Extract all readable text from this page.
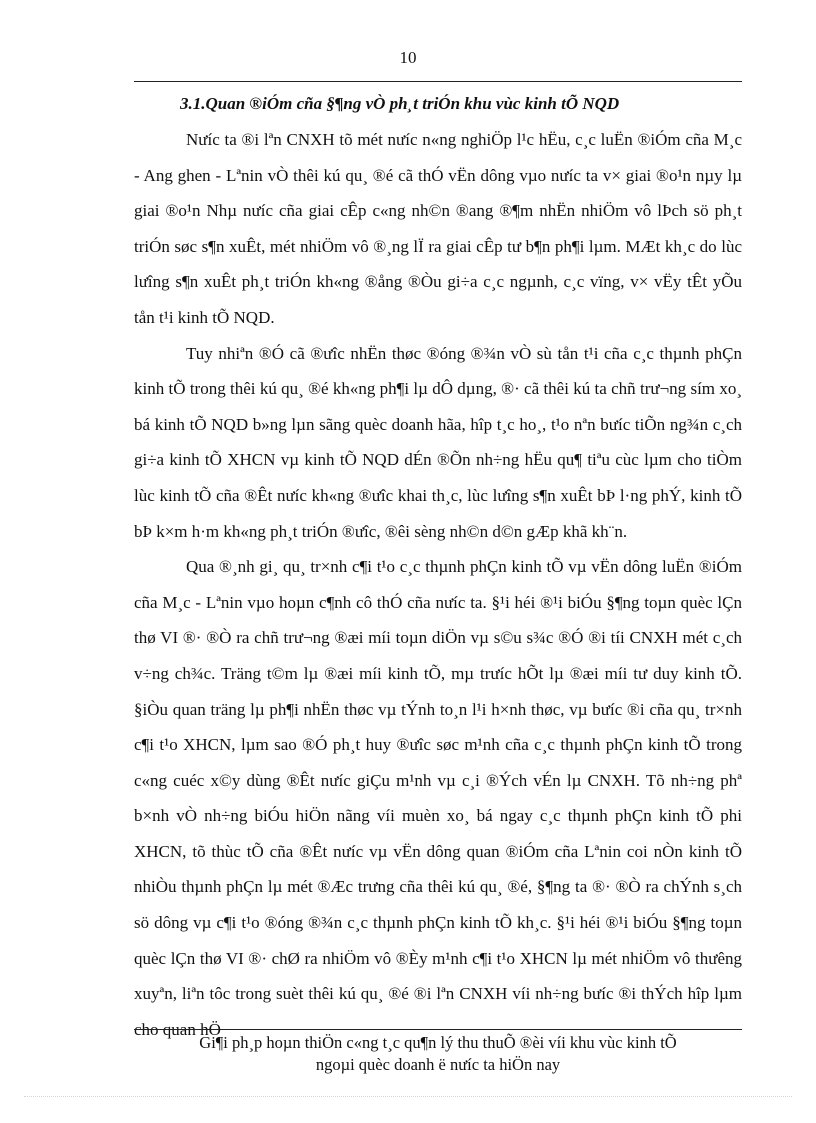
10
3.1.Quan ®iÓm cña §¶ng vÒ ph¸t triÓn khu vùc kinh tÕ NQD

Nưíc ta ®i lªn CNXH tõ mét nưíc n«ng nghiÖp l¹c hËu, c¸c luËn ®iÓm cña M¸c - Ang ghen - Lªnin vÒ thêi kú qu¸ ®é cã thÓ vËn dông vµo nưíc ta v× giai ®o¹n nµy lµ giai ®o¹n Nhµ nưíc cña giai cÊp c«ng nh©n ®ang ®¶m nhËn nhiÖm vô lÞch sö ph¸t triÓn søc s¶n xuÊt, mét nhiÖm vô ®¸ng lÏ ra giai cÊp tư b¶n ph¶i lµm. MÆt kh¸c do lùc lưîng s¶n xuÊt ph¸t triÓn kh«ng ®ång ®Òu gi÷a c¸c ngµnh, c¸c vïng, v× vËy tÊt yÕu tån t¹i kinh tÕ NQD.

Tuy nhiªn ®Ó cã ®ưîc nhËn thøc ®óng ®¾n vÒ sù tån t¹i cña c¸c thµnh phÇn kinh tÕ trong thêi kú qu¸ ®é kh«ng ph¶i lµ dÔ dµng, ®· cã thêi kú ta chñ trư¬ng sím xo¸ bá kinh tÕ NQD b»ng lµn sãng quèc doanh hãa, hîp t¸c ho¸, t¹o nªn bưíc tiÕn ng¾n c¸ch gi÷a kinh tÕ XHCN vµ kinh tÕ NQD dÉn ®Õn nh÷ng hËu qu¶ tiªu cùc lµm cho tiÒm lùc kinh tÕ cña ®Êt nưíc kh«ng ®ưîc khai th¸c, lùc lưîng s¶n xuÊt bÞ l·ng phÝ, kinh tÕ bÞ k×m h·m kh«ng ph¸t triÓn ®ưîc, ®êi sèng nh©n d©n gÆp khã kh¨n.

Qua ®¸nh gi¸ qu¸ tr×nh c¶i t¹o c¸c thµnh phÇn kinh tÕ vµ vËn dông luËn ®iÓm cña M¸c - Lªnin vµo hoµn c¶nh cô thÓ cña nưíc ta. §¹i héi ®¹i biÓu §¶ng toµn quèc lÇn thø VI ®· ®Ò ra chñ trư¬ng ®æi míi toµn diÖn vµ s©u s¾c ®Ó ®i tíi CNXH mét c¸ch v÷ng ch¾c. Träng t©m lµ ®æi míi kinh tÕ, mµ trưíc hÕt lµ ®æi míi tư duy kinh tÕ. §iÒu quan träng lµ ph¶i nhËn thøc vµ tÝnh to¸n l¹i h×nh thøc, vµ bưíc ®i cña qu¸ tr×nh c¶i t¹o XHCN, lµm sao ®Ó ph¸t huy ®ưîc søc m¹nh cña c¸c thµnh phÇn kinh tÕ trong c«ng cuéc x©y dùng ®Êt nưíc giÇu m¹nh vµ c¸i ®Ých vÉn lµ CNXH. Tõ nh÷ng phª b×nh vÒ nh÷ng biÓu hiÖn nãng víi muèn xo¸ bá ngay c¸c thµnh phÇn kinh tÕ phi XHCN, tõ thùc tÕ cña ®Êt nưíc vµ vËn dông quan ®iÓm cña Lªnin coi nÒn kinh tÕ nhiÒu thµnh phÇn lµ mét ®Æc trưng cña thêi kú qu¸ ®é, §¶ng ta ®· ®Ò ra chÝnh s¸ch sö dông vµ c¶i t¹o ®óng ®¾n c¸c thµnh phÇn kinh tÕ kh¸c. §¹i héi ®¹i biÓu §¶ng toµn quèc lÇn thø VI ®· chØ ra nhiÖm vô ®Èy m¹nh c¶i t¹o XHCN lµ mét nhiÖm vô thưêng xuyªn, liªn tôc trong suèt thêi kú qu¸ ®é ®i lªn CNXH víi nh÷ng bưíc ®i thÝch hîp lµm cho quan hÖ

Gi¶i ph¸p hoµn thiÖn c«ng t¸c qu¶n lý thu thuÕ ®èi víi khu vùc kinh tÕ
ngoµi quèc doanh ë nưíc ta hiÖn nay
